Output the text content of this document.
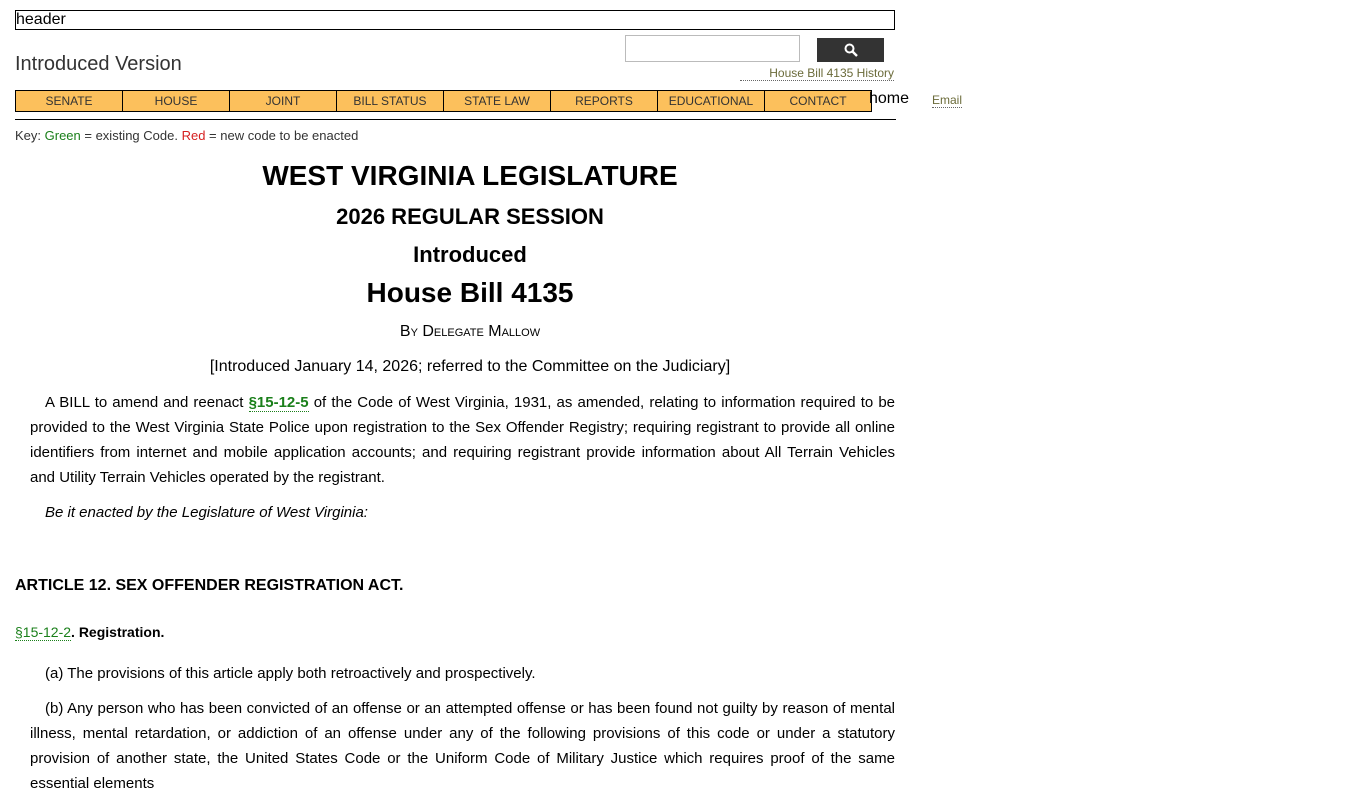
header
Introduced Version	House Bill 4135 History
SENATE	HOUSE	JOINT	BILL STATUS	STATE LAW	REPORTS	EDUCATIONAL	CONTACT	home Email
Key: Green = existing Code. Red = new code to be enacted
WEST VIRGINIA LEGISLATURE
2026 REGULAR SESSION
Introduced
House Bill 4135
By Delegate Mallow
[Introduced January 14, 2026; referred to the Committee on the Judiciary]
A BILL to amend and reenact §15-12-5 of the Code of West Virginia, 1931, as amended, relating to information required to be provided to the West Virginia State Police upon registration to the Sex Offender Registry; requiring registrant to provide all online identifiers from internet and mobile application accounts; and requiring registrant provide information about All Terrain Vehicles and Utility Terrain Vehicles operated by the registrant.
Be it enacted by the Legislature of West Virginia:
ARTICLE 12. SEX OFFENDER REGISTRATION ACT.
§15-12-2. Registration.
(a) The provisions of this article apply both retroactively and prospectively.
(b) Any person who has been convicted of an offense or an attempted offense or has been found not guilty by reason of mental illness, mental retardation, or addiction of an offense under any of the following provisions of this code or under a statutory provision of another state, the United States Code or the Uniform Code of Military Justice which requires proof of the same essential elements
